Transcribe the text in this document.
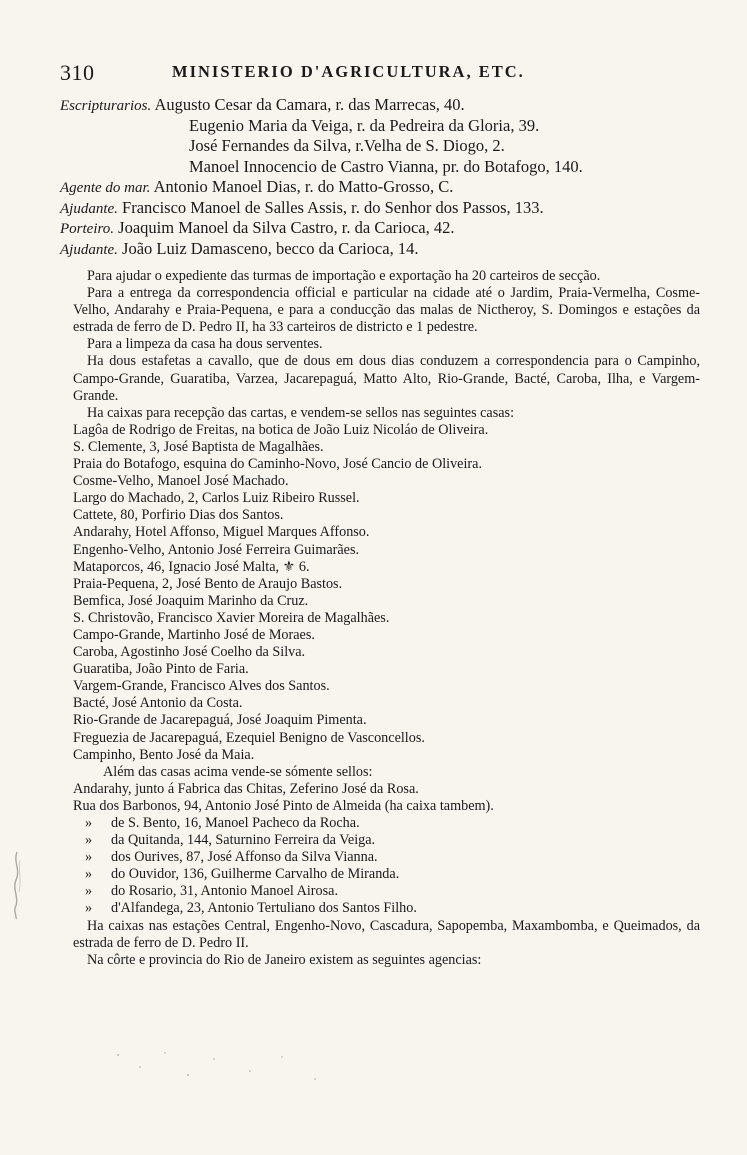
310	MINISTERIO D'AGRICULTURA, ETC.
Escripturarios. Augusto Cesar da Camara, r. das Marrecas, 40.
Eugenio Maria da Veiga, r. da Pedreira da Gloria, 39.
José Fernandes da Silva, r.Velha de S. Diogo, 2.
Manoel Innocencio de Castro Vianna, pr. do Botafogo, 140.
Agente do mar. Antonio Manoel Dias, r. do Matto-Grosso, C.
Ajudante. Francisco Manoel de Salles Assis, r. do Senhor dos Passos, 133.
Porteiro. Joaquim Manoel da Silva Castro, r. da Carioca, 42.
Ajudante. João Luiz Damasceno, becco da Carioca, 14.

Para ajudar o expediente das turmas de importação e exportação ha 20 carteiros de secção.

Para a entrega da correspondencia official e particular na cidade até o Jardim, Praia-Vermelha, Cosme-Velho, Andarahy e Praia-Pequena, e para a conducção das malas de Nictheroy, S. Domingos e estações da estrada de ferro de D. Pedro II, ha 33 carteiros de districto e 1 pedestre.

Para a limpeza da casa ha dous serventes.

Ha dous estafetas a cavallo, que de dous em dous dias conduzem a correspondencia para o Campinho, Campo-Grande, Guaratiba, Varzea, Jacarepaguá, Matto Alto, Rio-Grande, Bacté, Caroba, Ilha, e Vargem-Grande.

Ha caixas para recepção das cartas, e vendem-se sellos nas seguintes casas:

Lagôa de Rodrigo de Freitas, na botica de João Luiz Nicoláo de Oliveira.

S. Clemente, 3, José Baptista de Magalhães.

Praia do Botafogo, esquina do Caminho-Novo, José Cancio de Oliveira.

Cosme-Velho, Manoel José Machado.

Largo do Machado, 2, Carlos Luiz Ribeiro Russel.

Cattete, 80, Porfirio Dias dos Santos.

Andarahy, Hotel Affonso, Miguel Marques Affonso.

Engenho-Velho, Antonio José Ferreira Guimarães.

Mataporcos, 46, Ignacio José Malta, ⚜ 6.

Praia-Pequena, 2, José Bento de Araujo Bastos.

Bemfica, José Joaquim Marinho da Cruz.

S. Christovão, Francisco Xavier Moreira de Magalhães.

Campo-Grande, Martinho José de Moraes.

Caroba, Agostinho José Coelho da Silva.

Guaratiba, João Pinto de Faria.

Vargem-Grande, Francisco Alves dos Santos.

Bacté, José Antonio da Costa.

Rio-Grande de Jacarepaguá, José Joaquim Pimenta.

Freguezia de Jacarepaguá, Ezequiel Benigno de Vasconcellos.

Campinho, Bento José da Maia.

Além das casas acima vende-se sómente sellos:

Andarahy, junto á Fabrica das Chitas, Zeferino José da Rosa.

Rua dos Barbonos, 94, Antonio José Pinto de Almeida (ha caixa tambem).

» de S. Bento, 16, Manoel Pacheco da Rocha.

» da Quitanda, 144, Saturnino Ferreira da Veiga.

» dos Ourives, 87, José Affonso da Silva Vianna.

» do Ouvidor, 136, Guilherme Carvalho de Miranda.

» do Rosario, 31, Antonio Manoel Airosa.

» d'Alfandega, 23, Antonio Tertuliano dos Santos Filho.

Ha caixas nas estações Central, Engenho-Novo, Cascadura, Sapopemba, Maxambomba, e Queimados, da estrada de ferro de D. Pedro II.

Na côrte e provincia do Rio de Janeiro existem as seguintes agencias:
